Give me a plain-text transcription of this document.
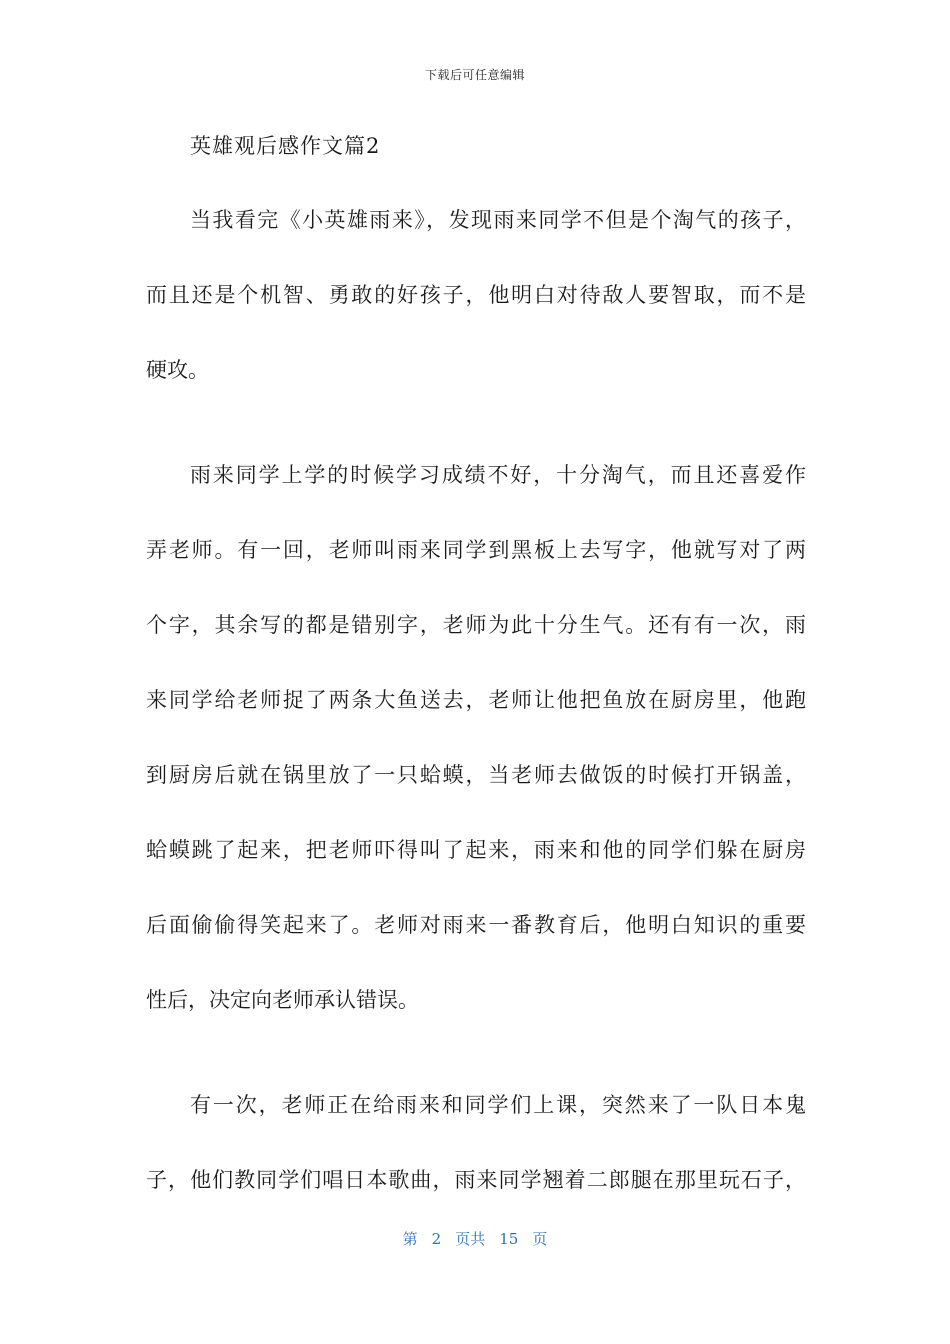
下载后可任意编辑
英雄观后感作文篇2
当我看完《小英雄雨来》，发现雨来同学不但是个淘气的孩子，
而且还是个机智、勇敢的好孩子，他明白对待敌人要智取，而不是
硬攻。
雨来同学上学的时候学习成绩不好，十分淘气，而且还喜爱作
弄老师。有一回，老师叫雨来同学到黑板上去写字，他就写对了两
个字，其余写的都是错别字，老师为此十分生气。还有有一次，雨
来同学给老师捉了两条大鱼送去，老师让他把鱼放在厨房里，他跑
到厨房后就在锅里放了一只蛤蟆，当老师去做饭的时候打开锅盖，
蛤蟆跳了起来，把老师吓得叫了起来，雨来和他的同学们躲在厨房
后面偷偷得笑起来了。老师对雨来一番教育后，他明白知识的重要
性后，决定向老师承认错误。
有一次，老师正在给雨来和同学们上课，突然来了一队日本鬼
子，他们教同学们唱日本歌曲，雨来同学翘着二郎腿在那里玩石子，
第 2 页共 15 页
